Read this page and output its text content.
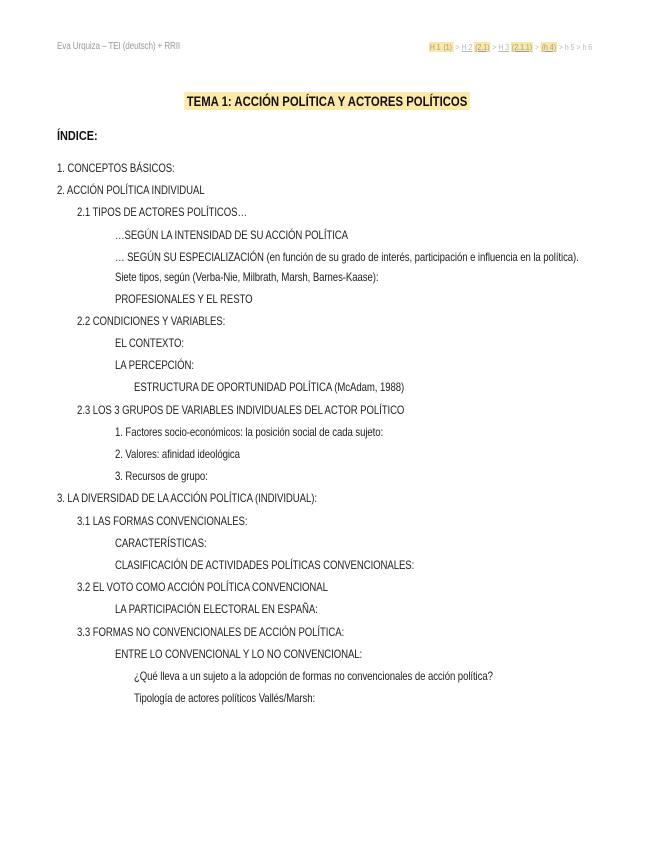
Eva Urquiza – TEI (deutsch) + RRII	H 1 (1) > H 2 (2.1) > H 3 (2.1.1) > (h 4) > h 5 > h 6
TEMA 1: ACCIÓN POLÍTICA Y ACTORES POLÍTICOS
ÍNDICE:
1. CONCEPTOS BÁSICOS:
2. ACCIÓN POLÍTICA INDIVIDUAL
2.1 TIPOS DE ACTORES POLÍTICOS…
…SEGÚN LA INTENSIDAD DE SU ACCIÓN POLÍTICA
… SEGÚN SU ESPECIALIZACIÓN (en función de su grado de interés, participación e influencia en la política).
Siete tipos, según (Verba-Nie, Milbrath, Marsh, Barnes-Kaase):
PROFESIONALES Y EL RESTO
2.2 CONDICIONES Y VARIABLES:
EL CONTEXTO:
LA PERCEPCIÓN:
ESTRUCTURA DE OPORTUNIDAD POLÍTICA (McAdam, 1988)
2.3 LOS 3 GRUPOS DE VARIABLES INDIVIDUALES DEL ACTOR POLÍTICO
1. Factores socio-económicos: la posición social de cada sujeto:
2. Valores: afinidad ideológica
3. Recursos de grupo:
3. LA DIVERSIDAD DE LA ACCIÓN POLÍTICA (INDIVIDUAL):
3.1 LAS FORMAS CONVENCIONALES:
CARACTERÍSTICAS:
CLASIFICACIÓN DE ACTIVIDADES POLÍTICAS CONVENCIONALES:
3.2 EL VOTO COMO ACCIÓN POLÍTICA CONVENCIONAL
LA PARTICIPACIÓN ELECTORAL EN ESPAÑA:
3.3 FORMAS NO CONVENCIONALES DE ACCIÓN POLÍTICA:
ENTRE LO CONVENCIONAL Y LO NO CONVENCIONAL:
¿Qué lleva a un sujeto a la adopción de formas no convencionales de acción política?
Tipología de actores políticos Vallés/Marsh:
